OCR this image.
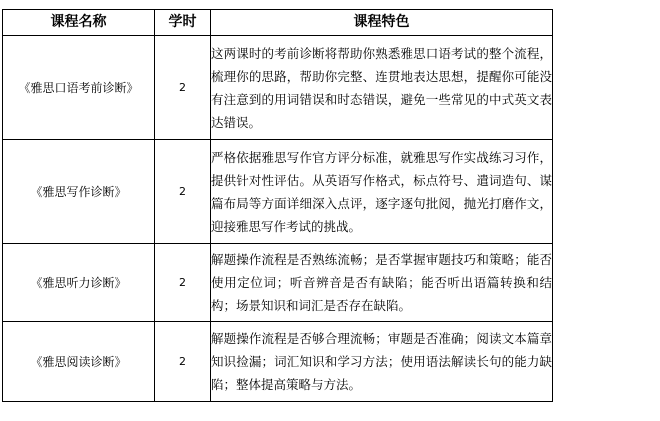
课程名称	学时	课程特色
《雅思口语考前诊断》	2	这两课时的考前诊断将帮助你熟悉雅思口语考试的整个流程，梳理你的思路，帮助你完整、连贯地表达思想，提醒你可能没有注意到的用词错误和时态错误，避免一些常见的中式英文表达错误。
《雅思写作诊断》	2	严格依据雅思写作官方评分标准，就雅思写作实战练习习作，提供针对性评估。从英语写作格式，标点符号、遣词造句、谋篇布局等方面详细深入点评，逐字逐句批阅，抛光打磨作文，迎接雅思写作考试的挑战。
《雅思听力诊断》	2	解题操作流程是否熟练流畅；是否掌握审题技巧和策略；能否使用定位词；听音辨音是否有缺陷；能否听出语篇转换和结构；场景知识和词汇是否存在缺陷。
《雅思阅读诊断》	2	解题操作流程是否够合理流畅；审题是否准确；阅读文本篇章知识捡漏；词汇知识和学习方法；使用语法解读长句的能力缺陷；整体提高策略与方法。
